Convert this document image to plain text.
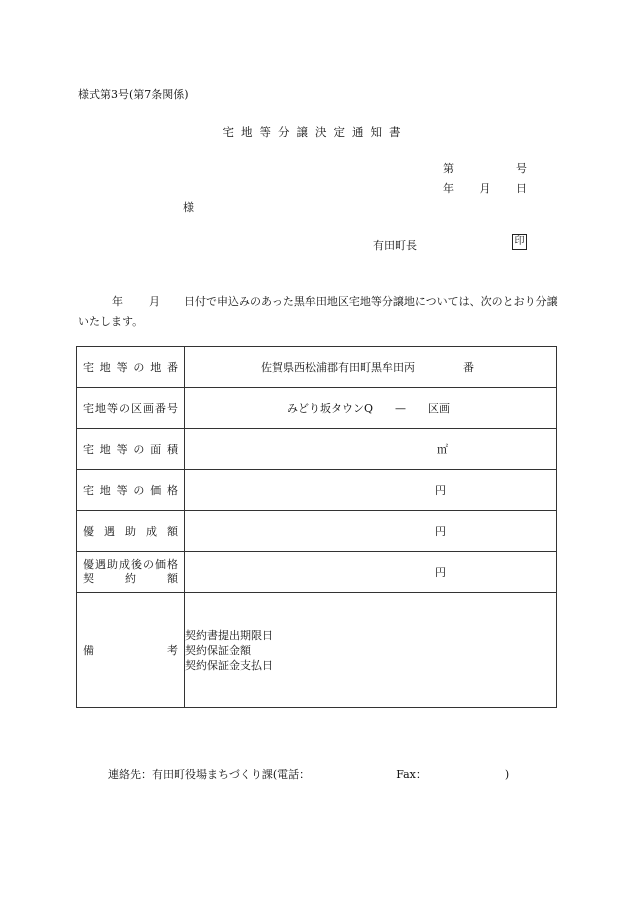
様式第3号(第7条関係)
宅地等分譲決定通知書
第	号
年 月 日
様
有田町長	印
年 月 日付で申込みのあった黒牟田地区宅地等分譲地については、次のとおり分譲いたします。
宅地等の地番	佐賀県西松浦郡有田町黒牟田丙 番

宅地等の区画番号	みどり坂タウンQ — 区画

宅地等の面積	㎡

宅地等の価格	円

優遇助成額	円

優遇助成後の価格
契約額	円

備考	契約書提出期限日
契約保証金額
契約保証金支払日
連絡先：有田町役場まちづくり課(電話：	Fax：	)
